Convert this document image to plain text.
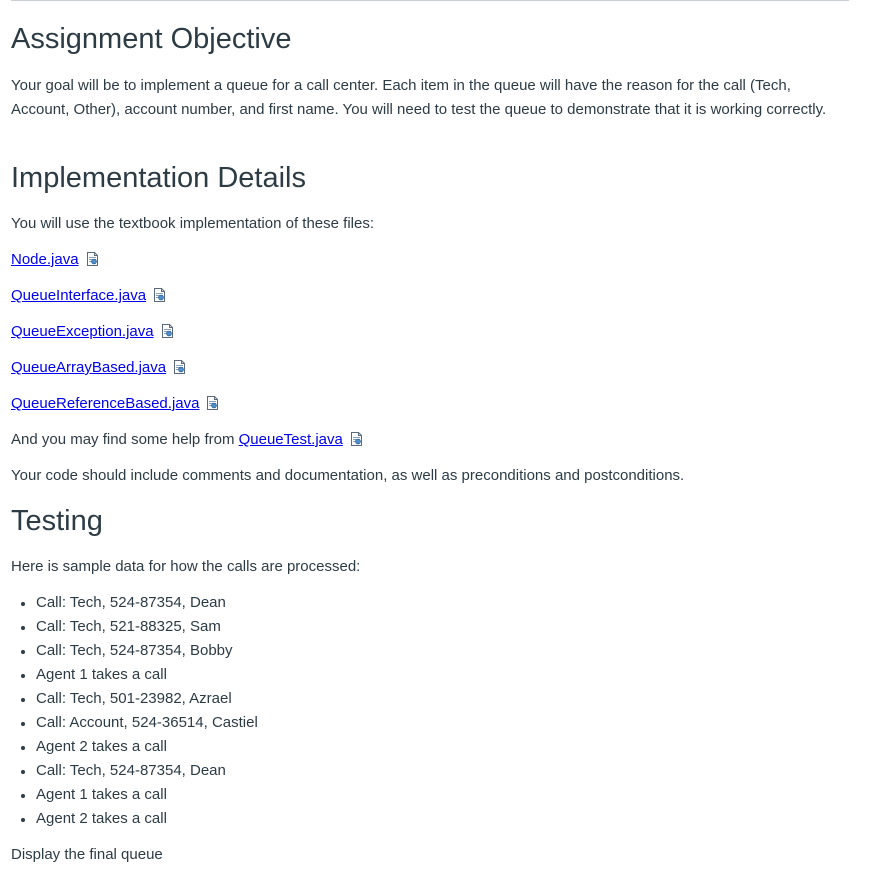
Assignment Objective

Your goal will be to implement a queue for a call center. Each item in the queue will have the reason for the call (Tech, Account, Other), account number, and first name. You will need to test the queue to demonstrate that it is working correctly.

Implementation Details

You will use the textbook implementation of these files:

Node.java

QueueInterface.java

QueueException.java

QueueArrayBased.java

QueueReferenceBased.java

And you may find some help from QueueTest.java

Your code should include comments and documentation, as well as preconditions and postconditions.

Testing

Here is sample data for how the calls are processed:

Call: Tech, 524-87354, Dean
Call: Tech, 521-88325, Sam
Call: Tech, 524-87354, Bobby
Agent 1 takes a call
Call: Tech, 501-23982, Azrael
Call: Account, 524-36514, Castiel
Agent 2 takes a call
Call: Tech, 524-87354, Dean
Agent 1 takes a call
Agent 2 takes a call

Display the final queue
